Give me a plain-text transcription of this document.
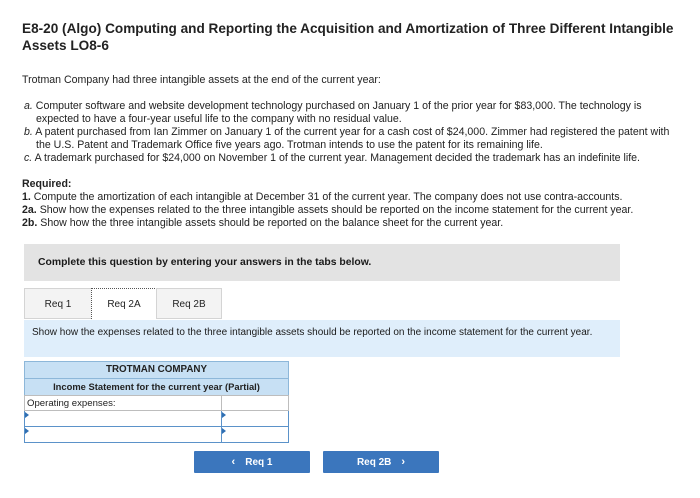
E8-20 (Algo) Computing and Reporting the Acquisition and Amortization of Three Different Intangible
Assets LO8-6

Trotman Company had three intangible assets at the end of the current year:

a. Computer software and website development technology purchased on January 1 of the prior year for $83,000. The technology is expected to have a four-year useful life to the company with no residual value.
b. A patent purchased from Ian Zimmer on January 1 of the current year for a cash cost of $24,000. Zimmer had registered the patent with the U.S. Patent and Trademark Office five years ago. Trotman intends to use the patent for its remaining life.
c. A trademark purchased for $24,000 on November 1 of the current year. Management decided the trademark has an indefinite life.

Required:

1. Compute the amortization of each intangible at December 31 of the current year. The company does not use contra-accounts.

2a. Show how the expenses related to the three intangible assets should be reported on the income statement for the current year.

2b. Show how the three intangible assets should be reported on the balance sheet for the current year.

Complete this question by entering your answers in the tabs below.
Req 1	Req 2A	Req 2B
Show how the expenses related to the three intangible assets should be reported on the income statement for the current year.
TROTMAN COMPANY
Income Statement for the current year (Partial)
Operating expenses:	

‹ Req 1	Req 2B ›
